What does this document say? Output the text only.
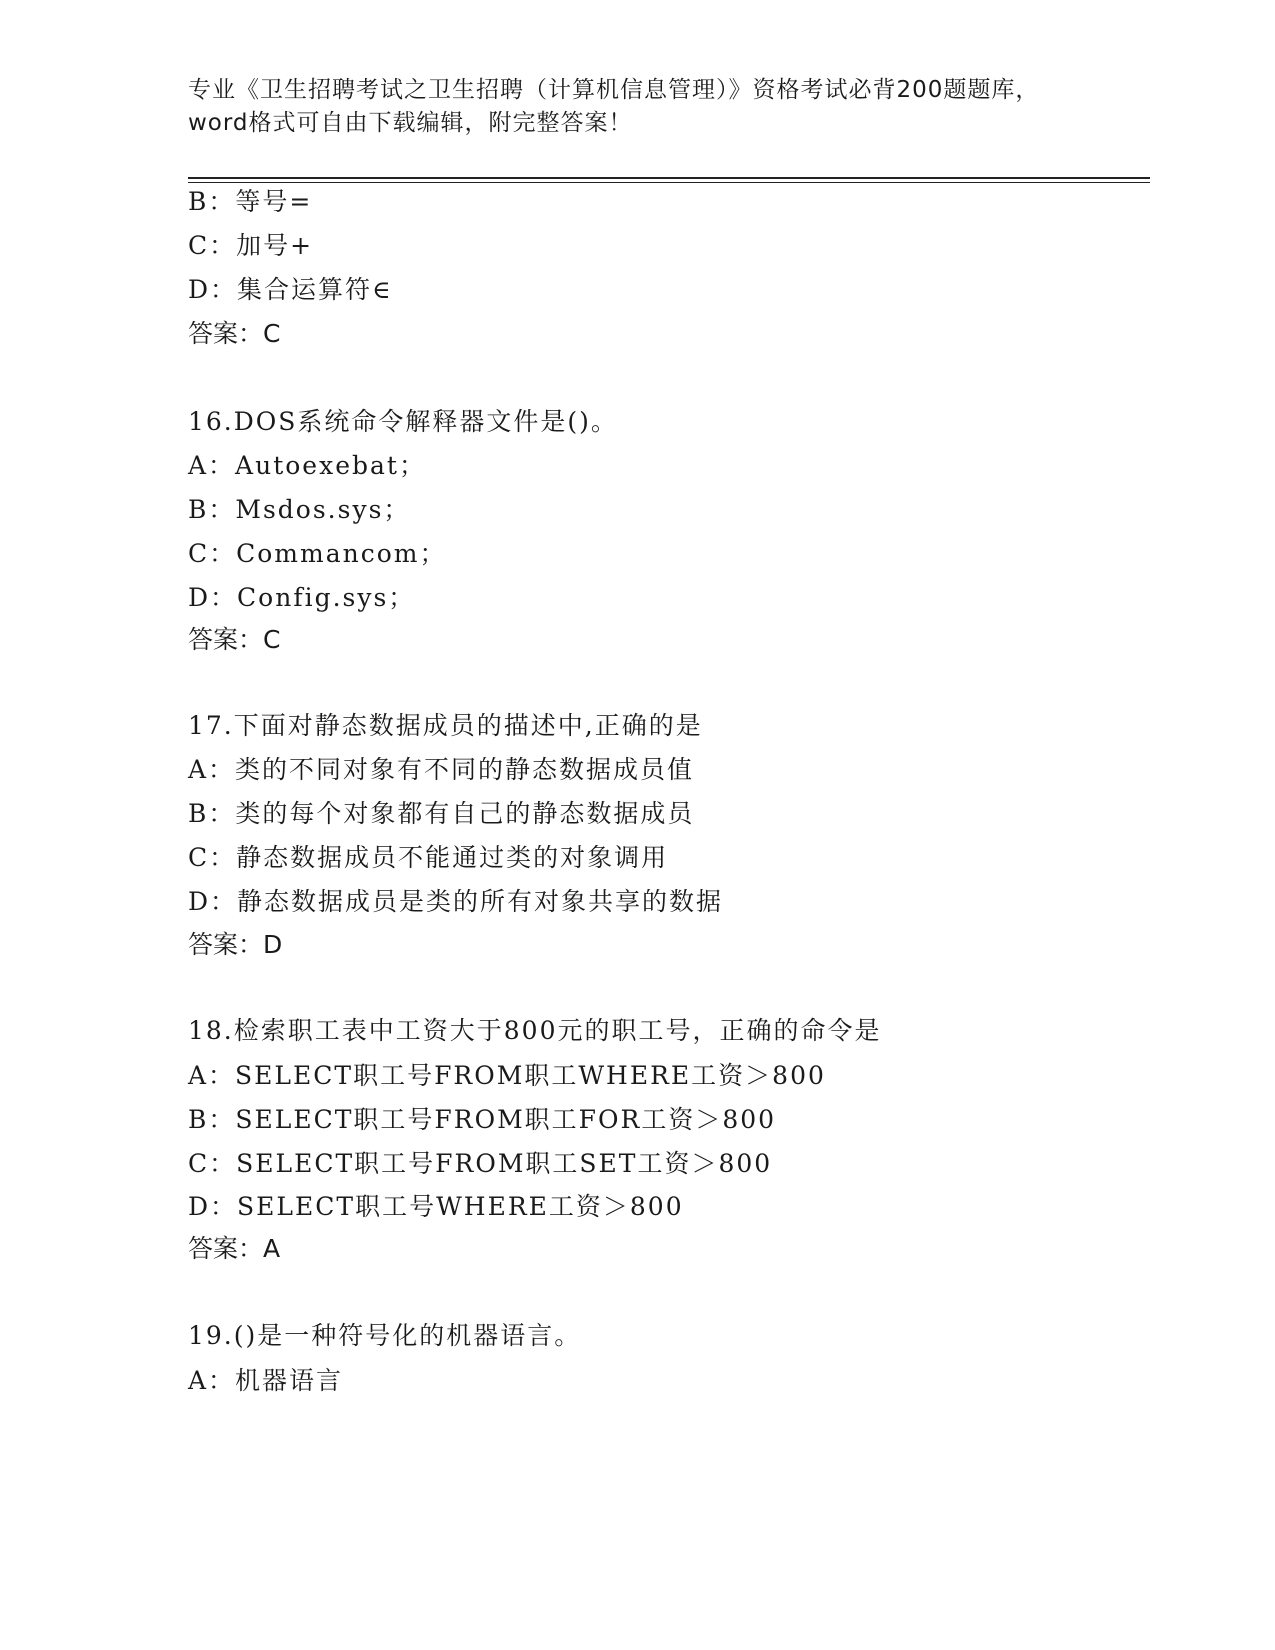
专业《卫生招聘考试之卫生招聘（计算机信息管理）》资格考试必背200题题库，
word格式可自由下载编辑，附完整答案！
B：等号=
C：加号+
D：集合运算符∈
答案：C
16.DOS系统命令解释器文件是()。
A：Autoexebat；
B：Msdos.sys；
C：Commancom；
D：Config.sys；
答案：C
17.下面对静态数据成员的描述中,正确的是
A：类的不同对象有不同的静态数据成员值
B：类的每个对象都有自己的静态数据成员
C：静态数据成员不能通过类的对象调用
D：静态数据成员是类的所有对象共享的数据
答案：D
18.检索职工表中工资大于800元的职工号，正确的命令是
A：SELECT职工号FROM职工WHERE工资＞800
B：SELECT职工号FROM职工FOR工资＞800
C：SELECT职工号FROM职工SET工资＞800
D：SELECT职工号WHERE工资＞800
答案：A
19.()是一种符号化的机器语言。
A：机器语言
